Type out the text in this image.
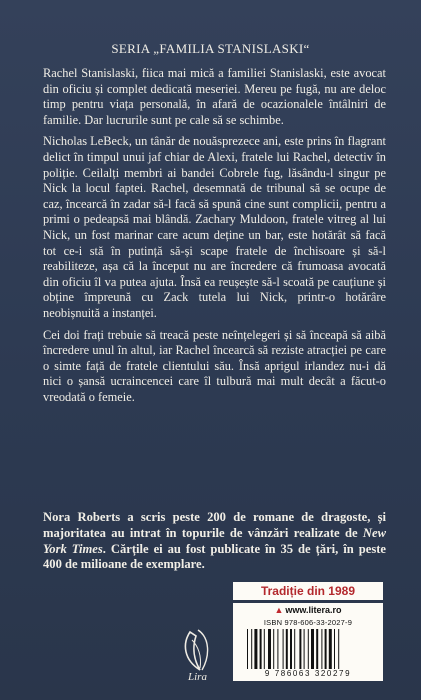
SERIA „FAMILIA STANISLASKI“

Rachel Stanislaski, fiica mai mică a familiei Stanislaski, este avocat din oficiu și complet dedicată meseriei. Mereu pe fugă, nu are deloc timp pentru viața personală, în afară de ocazionalele întâlniri de familie. Dar lucrurile sunt pe cale să se schimbe.

Nicholas LeBeck, un tânăr de nouăsprezece ani, este prins în flagrant delict în timpul unui jaf chiar de Alexi, fratele lui Rachel, detectiv în poliție. Ceilalți membri ai bandei Cobrele fug, lăsându-l singur pe Nick la locul faptei. Rachel, desemnată de tribunal să se ocupe de caz, încearcă în zadar să-l facă să spună cine sunt complicii, pentru a primi o pedeapsă mai blândă. Zachary Muldoon, fratele vitreg al lui Nick, un fost marinar care acum deține un bar, este hotărât să facă tot ce-i stă în putință să-și scape fratele de închisoare și să-l reabiliteze, așa că la început nu are încredere că frumoasa avocată din oficiu îl va putea ajuta. Însă ea reușește să-l scoată pe cauțiune și obține împreună cu Zack tutela lui Nick, printr-o hotărâre neobișnuită a instanței.

Cei doi frați trebuie să treacă peste neînțelegeri și să înceapă să aibă încredere unul în altul, iar Rachel încearcă să reziste atracției pe care o simte față de fratele clientului său. Însă aprigul irlandez nu-i dă nici o șansă ucraincencei care îl tulbură mai mult decât a făcut-o vreodată o femeie.

Nora Roberts a scris peste 200 de romane de dragoste, și majoritatea au intrat în topurile de vânzări realizate de New York Times. Cărțile ei au fost publicate în 35 de țări, în peste 400 de milioane de exemplare.
Tradiție din 1989
▲ www.litera.ro
ISBN 978-606-33-2027-9
9 786063 320279
Lira
